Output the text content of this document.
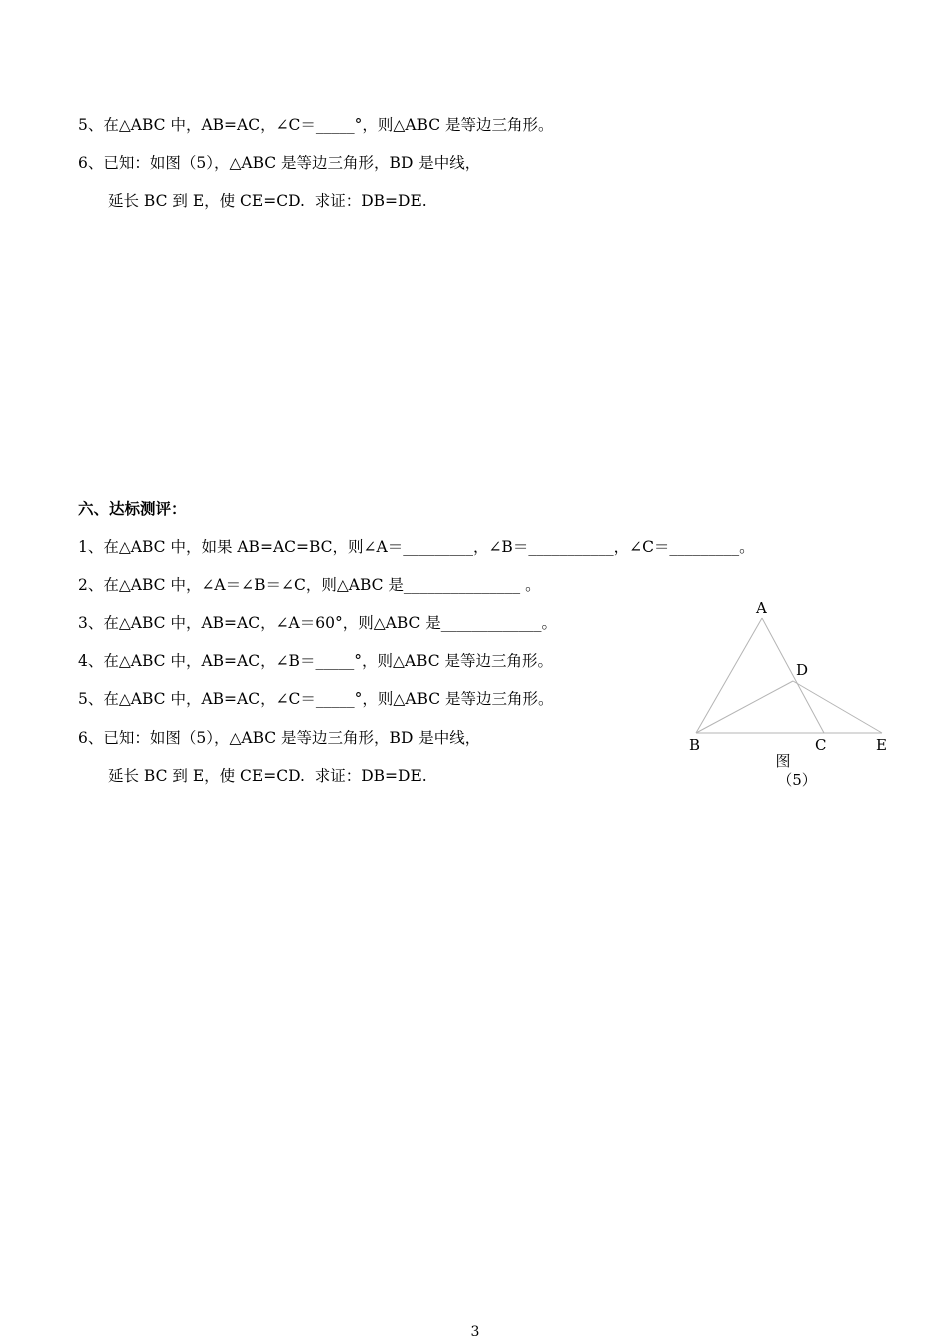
5、在△ABC 中，AB=AC，∠C＝_____°，则△ABC 是等边三角形。
6、已知：如图（5），△ABC 是等边三角形，BD 是中线，
延长 BC 到 E，使 CE=CD.  求证：DB=DE.
六、达标测评：
1、在△ABC 中，如果 AB=AC=BC，则∠A＝_________，∠B＝___________，∠C＝_________。
2、在△ABC 中，∠A＝∠B＝∠C，则△ABC 是_______________ 。
3、在△ABC 中，AB=AC，∠A＝60°，则△ABC 是_____________。
4、在△ABC 中，AB=AC，∠B＝_____°，则△ABC 是等边三角形。
5、在△ABC 中，AB=AC，∠C＝_____°，则△ABC 是等边三角形。
6、已知：如图（5），△ABC 是等边三角形，BD 是中线，
延长 BC 到 E，使 CE=CD.  求证：DB=DE.
A
D
B	C	E
图
（5）
3
